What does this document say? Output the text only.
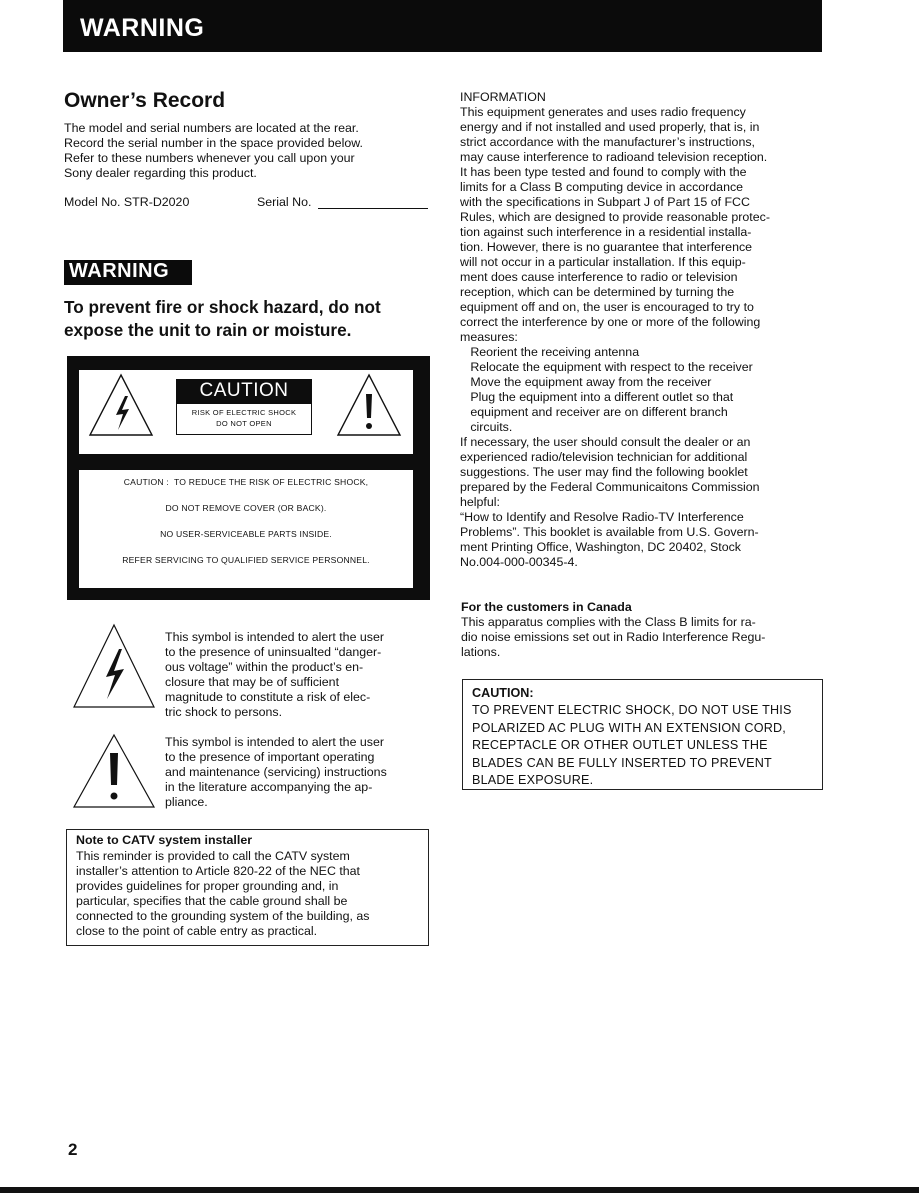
WARNING
Owner’s Record
The model and serial numbers are located at the rear.
Record the serial number in the space provided below.
Refer to these numbers whenever you call upon your
Sony dealer regarding this product.
Model No. STR-D2020	Serial No.
WARNING
To prevent fire or shock hazard, do not
expose the unit to rain or moisture.
CAUTION
RISK OF ELECTRIC SHOCK
DO NOT OPEN
CAUTION :  TO REDUCE THE RISK OF ELECTRIC SHOCK,
DO NOT REMOVE COVER (OR BACK).
NO USER-SERVICEABLE PARTS INSIDE.
REFER SERVICING TO QUALIFIED SERVICE PERSONNEL.
This symbol is intended to alert the user
to the presence of uninsualted “danger-
ous voltage” within the product’s en-
closure that may be of sufficient
magnitude to constitute a risk of elec-
tric shock to persons.
This symbol is intended to alert the user
to the presence of important operating
and maintenance (servicing) instructions
in the literature accompanying the ap-
pliance.
Note to CATV system installer
This reminder is provided to call the CATV system
installer’s attention to Article 820-22 of the NEC that
provides guidelines for proper grounding and, in
particular, specifies that the cable ground shall be
connected to the grounding system of the building, as
close to the point of cable entry as practical.
INFORMATION
This equipment generates and uses radio frequency
energy and if not installed and used properly, that is, in
strict accordance with the manufacturer’s instructions,
may cause interference to radioand television reception.
It has been type tested and found to comply with the
limits for a Class B computing device in accordance
with the specifications in Subpart J of Part 15 of FCC
Rules, which are designed to provide reasonable protec-
tion against such interference in a residential installa-
tion. However, there is no guarantee that interference
will not occur in a particular installation. If this equip-
ment does cause interference to radio or television
reception, which can be determined by turning the
equipment off and on, the user is encouraged to try to
correct the interference by one or more of the following
measures:
Reorient the receiving antenna
Relocate the equipment with respect to the receiver
Move the equipment away from the receiver
Plug the equipment into a different outlet so that
equipment and receiver are on different branch
circuits.
If necessary, the user should consult the dealer or an
experienced radio/television technician for additional
suggestions. The user may find the following booklet
prepared by the Federal Communicaitons Commission
helpful:
“How to Identify and Resolve Radio-TV Interference
Problems”. This booklet is available from U.S. Govern-
ment Printing Office, Washington, DC 20402, Stock
No.004-000-00345-4.
For the customers in Canada
This apparatus complies with the Class B limits for ra-
dio noise emissions set out in Radio Interference Regu-
lations.
CAUTION:
TO PREVENT ELECTRIC SHOCK, DO NOT USE THIS
POLARIZED AC PLUG WITH AN EXTENSION CORD,
RECEPTACLE OR OTHER OUTLET UNLESS THE
BLADES CAN BE FULLY INSERTED TO PREVENT
BLADE EXPOSURE.
2
